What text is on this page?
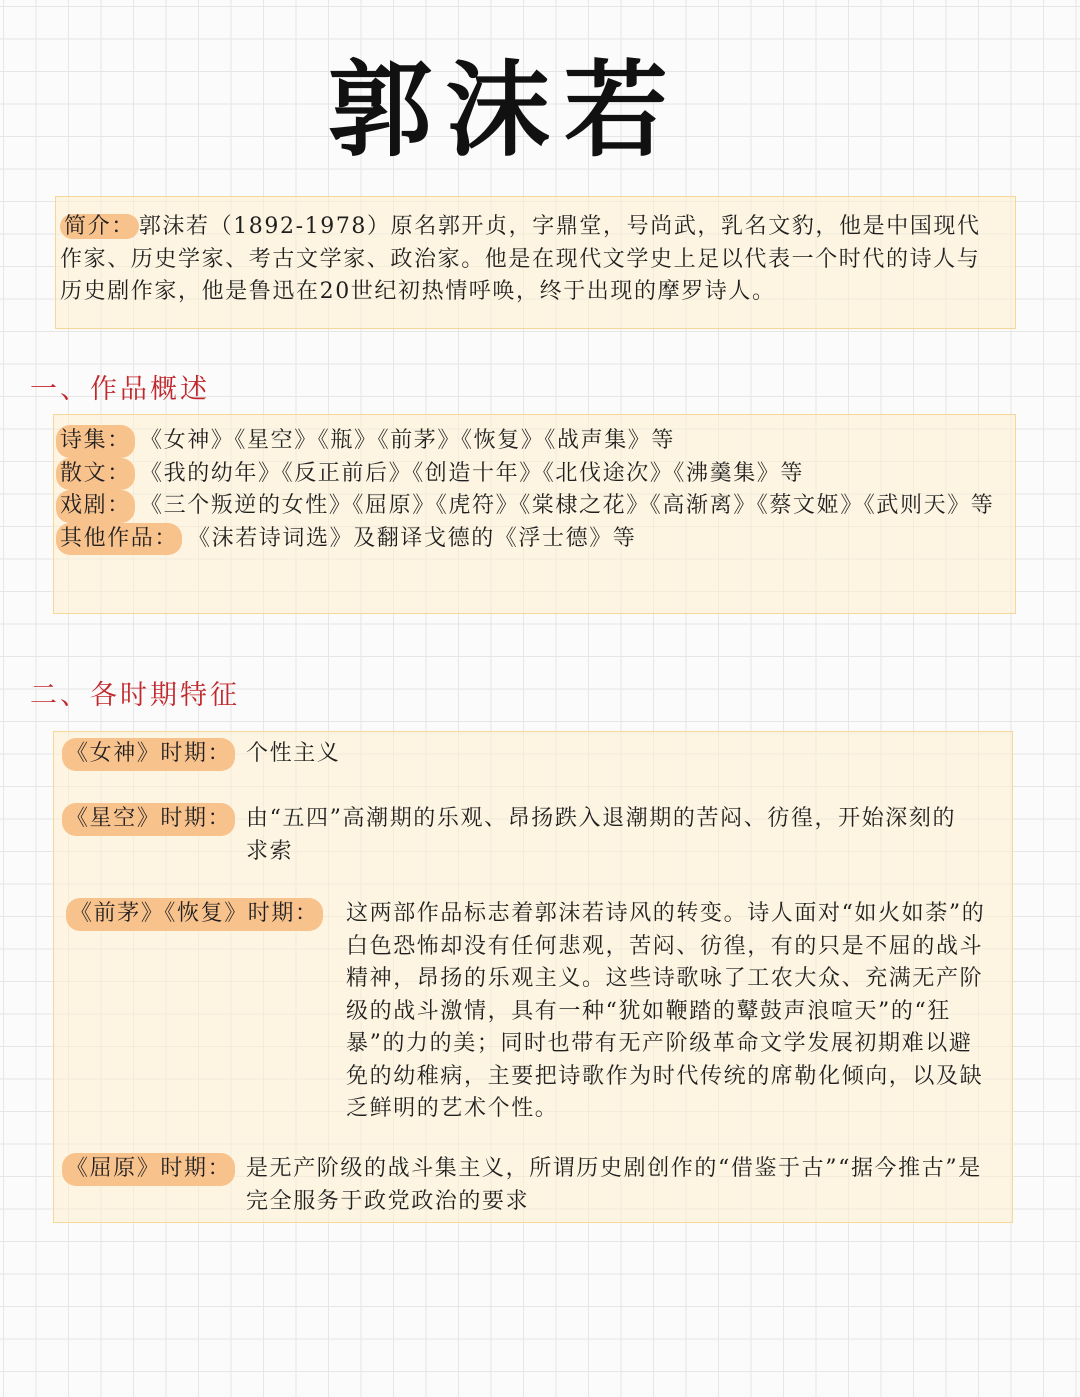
郭沫若
简介： 郭沫若（1892-1978）原名郭开贞，字鼎堂，号尚武，乳名文豹，他是中国现代作家、历史学家、考古文学家、政治家。他是在现代文学史上足以代表一个时代的诗人与历史剧作家，他是鲁迅在20世纪初热情呼唤，终于出现的摩罗诗人。
一、作品概述
诗集： 《女神》《星空》《瓶》《前茅》《恢复》《战声集》等
散文： 《我的幼年》《反正前后》《创造十年》《北伐途次》《沸羹集》等
戏剧： 《三个叛逆的女性》《屈原》《虎符》《棠棣之花》《高渐离》《蔡文姬》《武则天》等
其他作品： 《沫若诗词选》及翻译戈德的《浮士德》等
二、各时期特征
《女神》时期： 个性主义
《星空》时期： 由“五四”高潮期的乐观、昂扬跌入退潮期的苦闷、彷徨，开始深刻的求索
《前茅》《恢复》时期：	这两部作品标志着郭沫若诗风的转变。诗人面对“如火如荼”的白色恐怖却没有任何悲观，苦闷、彷徨，有的只是不屈的战斗精神，昂扬的乐观主义。这些诗歌咏了工农大众、充满无产阶级的战斗激情，具有一种“犹如鞭踏的鼙鼓声浪喧天”的“狂暴”的力的美；同时也带有无产阶级革命文学发展初期难以避免的幼稚病，主要把诗歌作为时代传统的席勒化倾向，以及缺乏鲜明的艺术个性。
《屈原》时期： 是无产阶级的战斗集主义，所谓历史剧创作的“借鉴于古”“据今推古”是完全服务于政党政治的要求
